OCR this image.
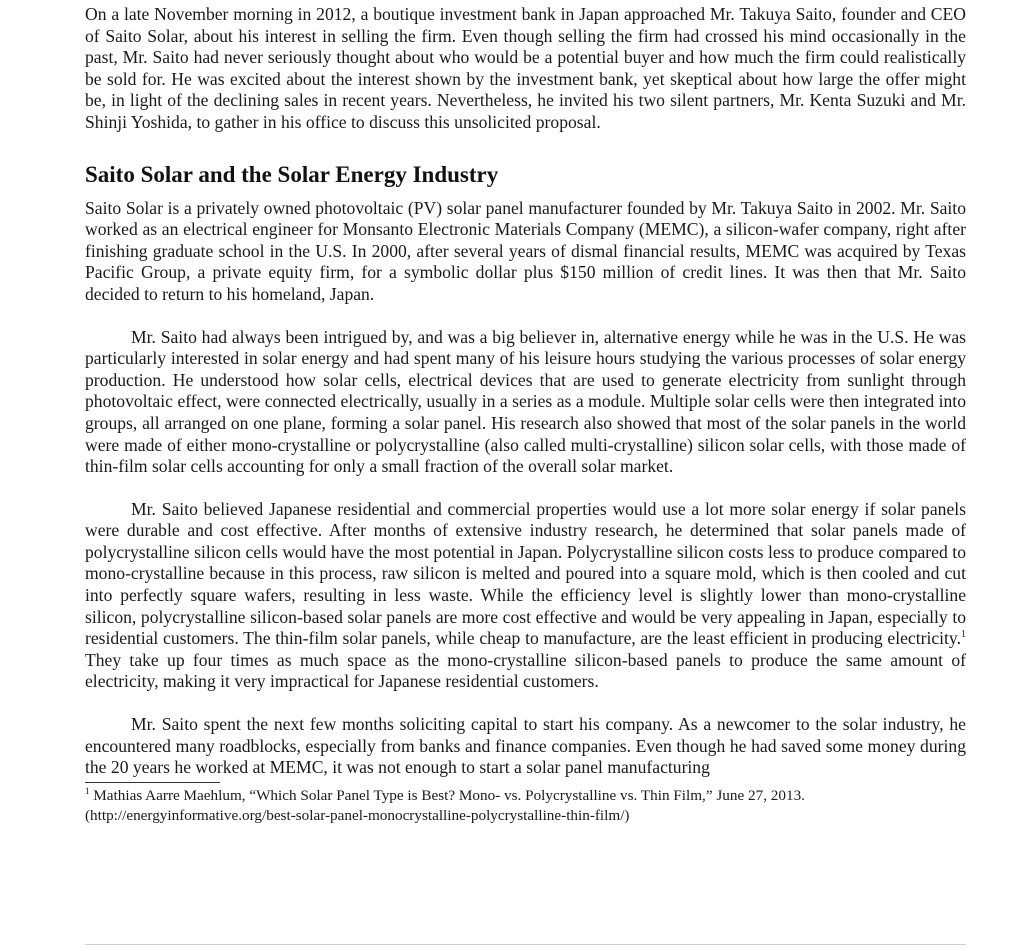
On a late November morning in 2012, a boutique investment bank in Japan approached Mr. Takuya Saito, founder and CEO of Saito Solar, about his interest in selling the firm. Even though selling the firm had crossed his mind occasionally in the past, Mr. Saito had never seriously thought about who would be a potential buyer and how much the firm could realistically be sold for. He was excited about the interest shown by the investment bank, yet skeptical about how large the offer might be, in light of the declining sales in recent years. Nevertheless, he invited his two silent partners, Mr. Kenta Suzuki and Mr. Shinji Yoshida, to gather in his office to discuss this unsolicited proposal.

Saito Solar and the Solar Energy Industry

Saito Solar is a privately owned photovoltaic (PV) solar panel manufacturer founded by Mr. Takuya Saito in 2002. Mr. Saito worked as an electrical engineer for Monsanto Electronic Materials Company (MEMC), a silicon-wafer company, right after finishing graduate school in the U.S. In 2000, after several years of dismal financial results, MEMC was acquired by Texas Pacific Group, a private equity firm, for a symbolic dollar plus $150 million of credit lines. It was then that Mr. Saito decided to return to his homeland, Japan.

Mr. Saito had always been intrigued by, and was a big believer in, alternative energy while he was in the U.S. He was particularly interested in solar energy and had spent many of his leisure hours studying the various processes of solar energy production. He understood how solar cells, electrical devices that are used to generate electricity from sunlight through photovoltaic effect, were connected electrically, usually in a series as a module. Multiple solar cells were then integrated into groups, all arranged on one plane, forming a solar panel. His research also showed that most of the solar panels in the world were made of either mono-crystalline or polycrystalline (also called multi-crystalline) silicon solar cells, with those made of thin-film solar cells accounting for only a small fraction of the overall solar market.

Mr. Saito believed Japanese residential and commercial properties would use a lot more solar energy if solar panels were durable and cost effective. After months of extensive industry research, he determined that solar panels made of polycrystalline silicon cells would have the most potential in Japan. Polycrystalline silicon costs less to produce compared to mono-crystalline because in this process, raw silicon is melted and poured into a square mold, which is then cooled and cut into perfectly square wafers, resulting in less waste. While the efficiency level is slightly lower than mono-crystalline silicon, polycrystalline silicon-based solar panels are more cost effective and would be very appealing in Japan, especially to residential customers. The thin-film solar panels, while cheap to manufacture, are the least efficient in producing electricity.$^1$ They take up four times as much space as the mono-crystalline silicon-based panels to produce the same amount of electricity, making it very impractical for Japanese residential customers.

Mr. Saito spent the next few months soliciting capital to start his company. As a newcomer to the solar industry, he encountered many roadblocks, especially from banks and finance companies. Even though he had saved some money during the 20 years he worked at MEMC, it was not enough to start a solar panel manufacturing

$^1$ Mathias Aarre Maehlum, “Which Solar Panel Type is Best? Mono- vs. Polycrystalline vs. Thin Film,” June 27, 2013. (http://energyinformative.org/best-solar-panel-monocrystalline-polycrystalline-thin-film/)
